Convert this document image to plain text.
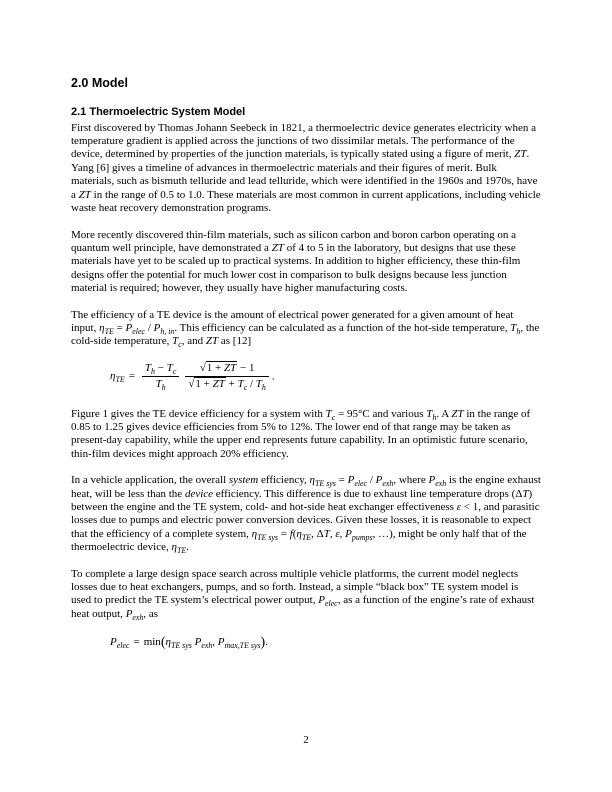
2.0 Model
2.1 Thermoelectric System Model

First discovered by Thomas Johann Seebeck in 1821, a thermoelectric device generates electricity when a temperature gradient is applied across the junctions of two dissimilar metals. The performance of the device, determined by properties of the junction materials, is typically stated using a figure of merit, ZT. Yang [6] gives a timeline of advances in thermoelectric materials and their figures of merit. Bulk materials, such as bismuth telluride and lead telluride, which were identified in the 1960s and 1970s, have a ZT in the range of 0.5 to 1.0. These materials are most common in current applications, including vehicle waste heat recovery demonstration programs.

More recently discovered thin-film materials, such as silicon carbon and boron carbon operating on a quantum well principle, have demonstrated a ZT of 4 to 5 in the laboratory, but designs that use these materials have yet to be scaled up to practical systems. In addition to higher efficiency, these thin-film designs offer the potential for much lower cost in comparison to bulk designs because less junction material is required; however, they usually have higher manufacturing costs.

The efficiency of a TE device is the amount of electrical power generated for a given amount of heat input, $\eta_{TE} = P_{elec} / P_{h, in}$. This efficiency can be calculated as a function of the hot-side temperature, $T_h$, the cold-side temperature, $T_c$, and ZT as [12]

$\eta_{TE} = \frac{T_h - T_c}{T_h} \frac{√1 + ZT - 1}{√1 + ZT + T_c / T_h}$ .

Figure 1 gives the TE device efficiency for a system with $T_c = 95^\circ C$ and various $T_h$. A ZT in the range of 0.85 to 1.25 gives device efficiencies from 5% to 12%. The lower end of that range may be taken as present-day capability, while the upper end represents future capability. In an optimistic future scenario, thin-film devices might approach 20% efficiency.

In a vehicle application, the overall system efficiency, $\eta_{TE sys} = P_{elec} / P_{exh}$, where $P_{exh}$ is the engine exhaust heat, will be less than the device efficiency. This difference is due to exhaust line temperature drops (ΔT) between the engine and the TE system, cold- and hot-side heat exchanger effectiveness ε < 1, and parasitic losses due to pumps and electric power conversion devices. Given these losses, it is reasonable to expect that the efficiency of a complete system, $\eta_{TE sys} = f(\eta_{TE}$, ΔT, ε, $P_{pumps}$, …), might be only half that of the thermoelectric device, $\eta_{TE}$.

To complete a large design space search across multiple vehicle platforms, the current model neglects losses due to heat exchangers, pumps, and so forth. Instead, a simple “black box” TE system model is used to predict the TE system’s electrical power output, $P_{elec}$, as a function of the engine’s rate of exhaust heat output, $P_{exh}$, as

$P_{elec} = \min(\eta_{TE sys}$ $P_{exh}$, $P_{max,TE sys}$).
2
